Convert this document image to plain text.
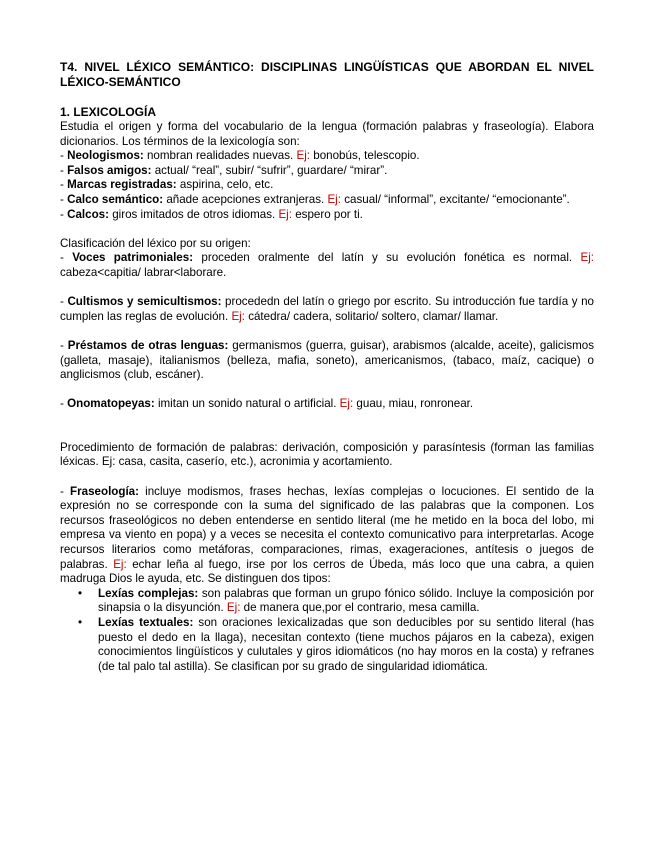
T4. NIVEL LÉXICO SEMÁNTICO: DISCIPLINAS LINGÜÍSTICAS QUE ABORDAN EL NIVEL LÉXICO-SEMÁNTICO

1. LEXICOLOGÍA

Estudia el origen y forma del vocabulario de la lengua (formación palabras y fraseología). Elabora dicionarios. Los términos de la lexicología son:

- Neologismos: nombran realidades nuevas. Ej: bonobús, telescopio.

- Falsos amigos: actual/ “real”, subir/ “sufrir”, guardare/ “mirar”.

- Marcas registradas: aspirina, celo, etc.

- Calco semántico: añade acepciones extranjeras. Ej: casual/ “informal”, excitante/ “emocionante”.

- Calcos: giros imitados de otros idiomas. Ej: espero por ti.

Clasificación del léxico por su origen:

- Voces patrimoniales: proceden oralmente del latín y su evolución fonética es normal. Ej: cabeza<capitia/ labrar<laborare.

- Cultismos y semicultismos: procededn del latín o griego por escrito. Su introducción fue tardía y no cumplen las reglas de evolución. Ej: cátedra/ cadera, solitario/ soltero, clamar/ llamar.

- Préstamos de otras lenguas: germanismos (guerra, guisar), arabismos (alcalde, aceite), galicismos (galleta, masaje), italianismos (belleza, mafia, soneto), americanismos, (tabaco, maíz, cacique) o anglicismos (club, escáner).

- Onomatopeyas: imitan un sonido natural o artificial. Ej: guau, miau, ronronear.

Procedimiento de formación de palabras: derivación, composición y parasíntesis (forman las familias léxicas. Ej: casa, casita, caserío, etc.), acronimia y acortamiento.

- Fraseología: incluye modismos, frases hechas, lexías complejas o locuciones. El sentido de la expresión no se corresponde con la suma del significado de las palabras que la componen. Los recursos fraseológicos no deben entenderse en sentido literal (me he metido en la boca del lobo, mi empresa va viento en popa) y a veces se necesita el contexto comunicativo para interpretarlas. Acoge recursos literarios como metáforas, comparaciones, rimas, exageraciones, antítesis o juegos de palabras. Ej: echar leña al fuego, irse por los cerros de Úbeda, más loco que una cabra, a quien madruga Dios le ayuda, etc. Se distinguen dos tipos:

• Lexías complejas: son palabras que forman un grupo fónico sólido. Incluye la composición por sinapsia o la disyunción. Ej: de manera que,por el contrario, mesa camilla.
• Lexías textuales: son oraciones lexicalizadas que son deducibles por su sentido literal (has puesto el dedo en la llaga), necesitan contexto (tiene muchos pájaros en la cabeza), exigen conocimientos lingüísticos y culutales y giros idiomáticos (no hay moros en la costa) y refranes (de tal palo tal astilla). Se clasifican por su grado de singularidad idiomática.
